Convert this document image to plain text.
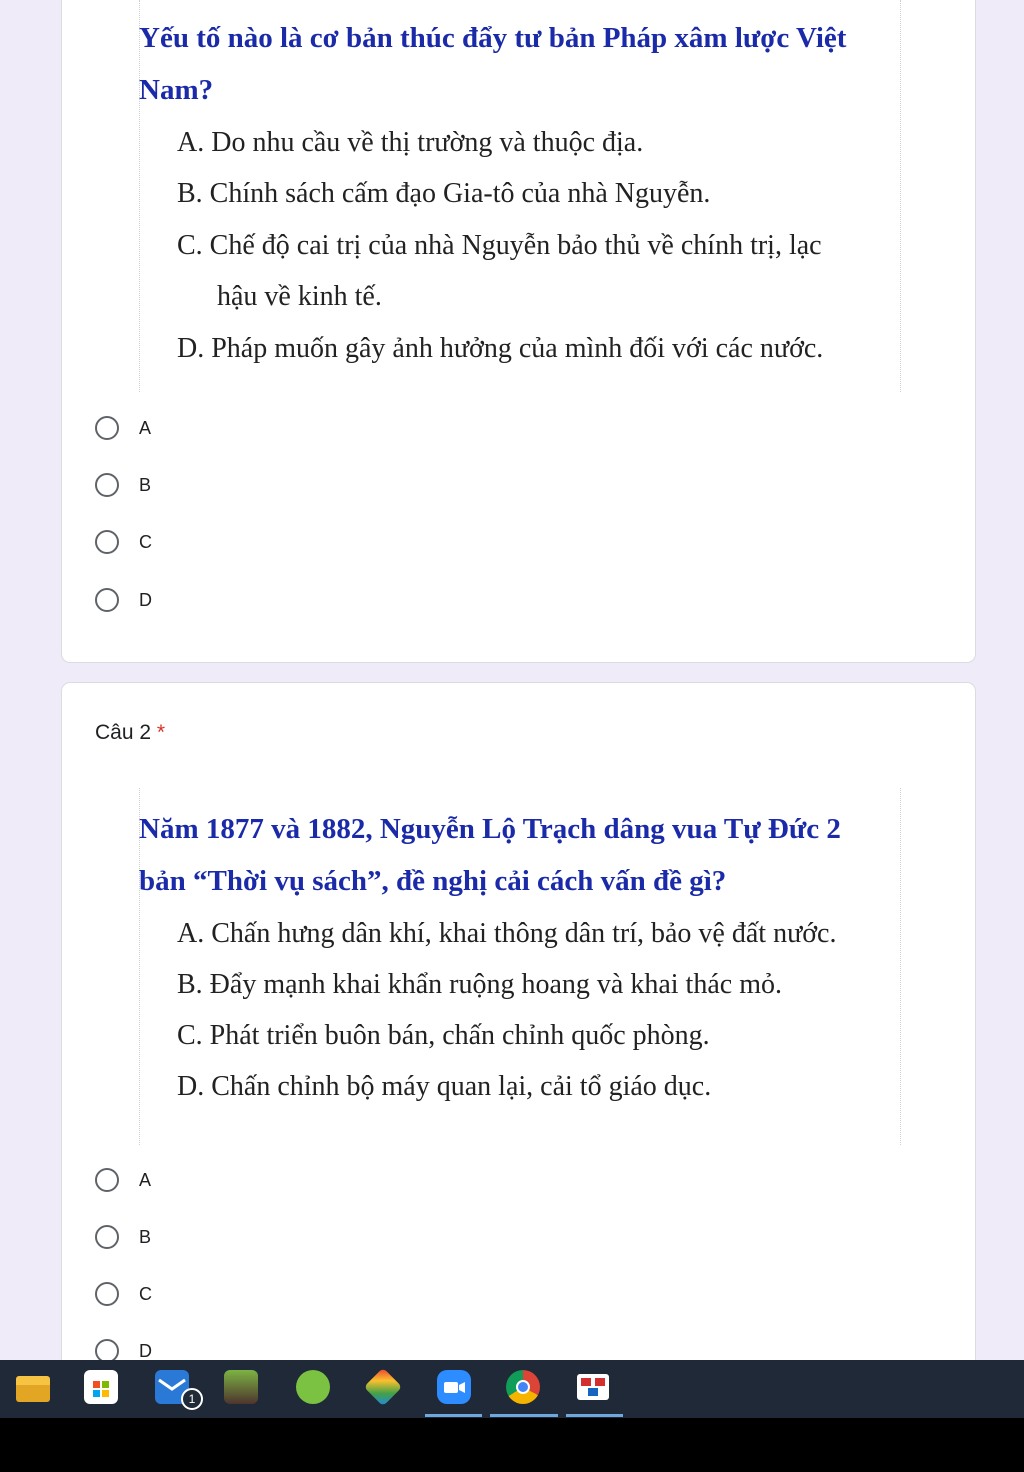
Yếu tố nào là cơ bản thúc đẩy tư bản Pháp xâm lược Việt
Nam?
A. Do nhu cầu về thị trường và thuộc địa.
B. Chính sách cấm đạo Gia-tô của nhà Nguyễn.
C. Chế độ cai trị của nhà Nguyễn bảo thủ về chính trị, lạc
hậu về kinh tế.
D. Pháp muốn gây ảnh hưởng của mình đối với các nước.
A
B
C
D
Câu 2 *
Năm 1877 và 1882, Nguyễn Lộ Trạch dâng vua Tự Đức 2
bản “Thời vụ sách”, đề nghị cải cách vấn đề gì?
A. Chấn hưng dân khí, khai thông dân trí, bảo vệ đất nước.
B. Đẩy mạnh khai khẩn ruộng hoang và khai thác mỏ.
C. Phát triển buôn bán, chấn chỉnh quốc phòng.
D. Chấn chỉnh bộ máy quan lại, cải tổ giáo dục.
A
B
C
D
1
